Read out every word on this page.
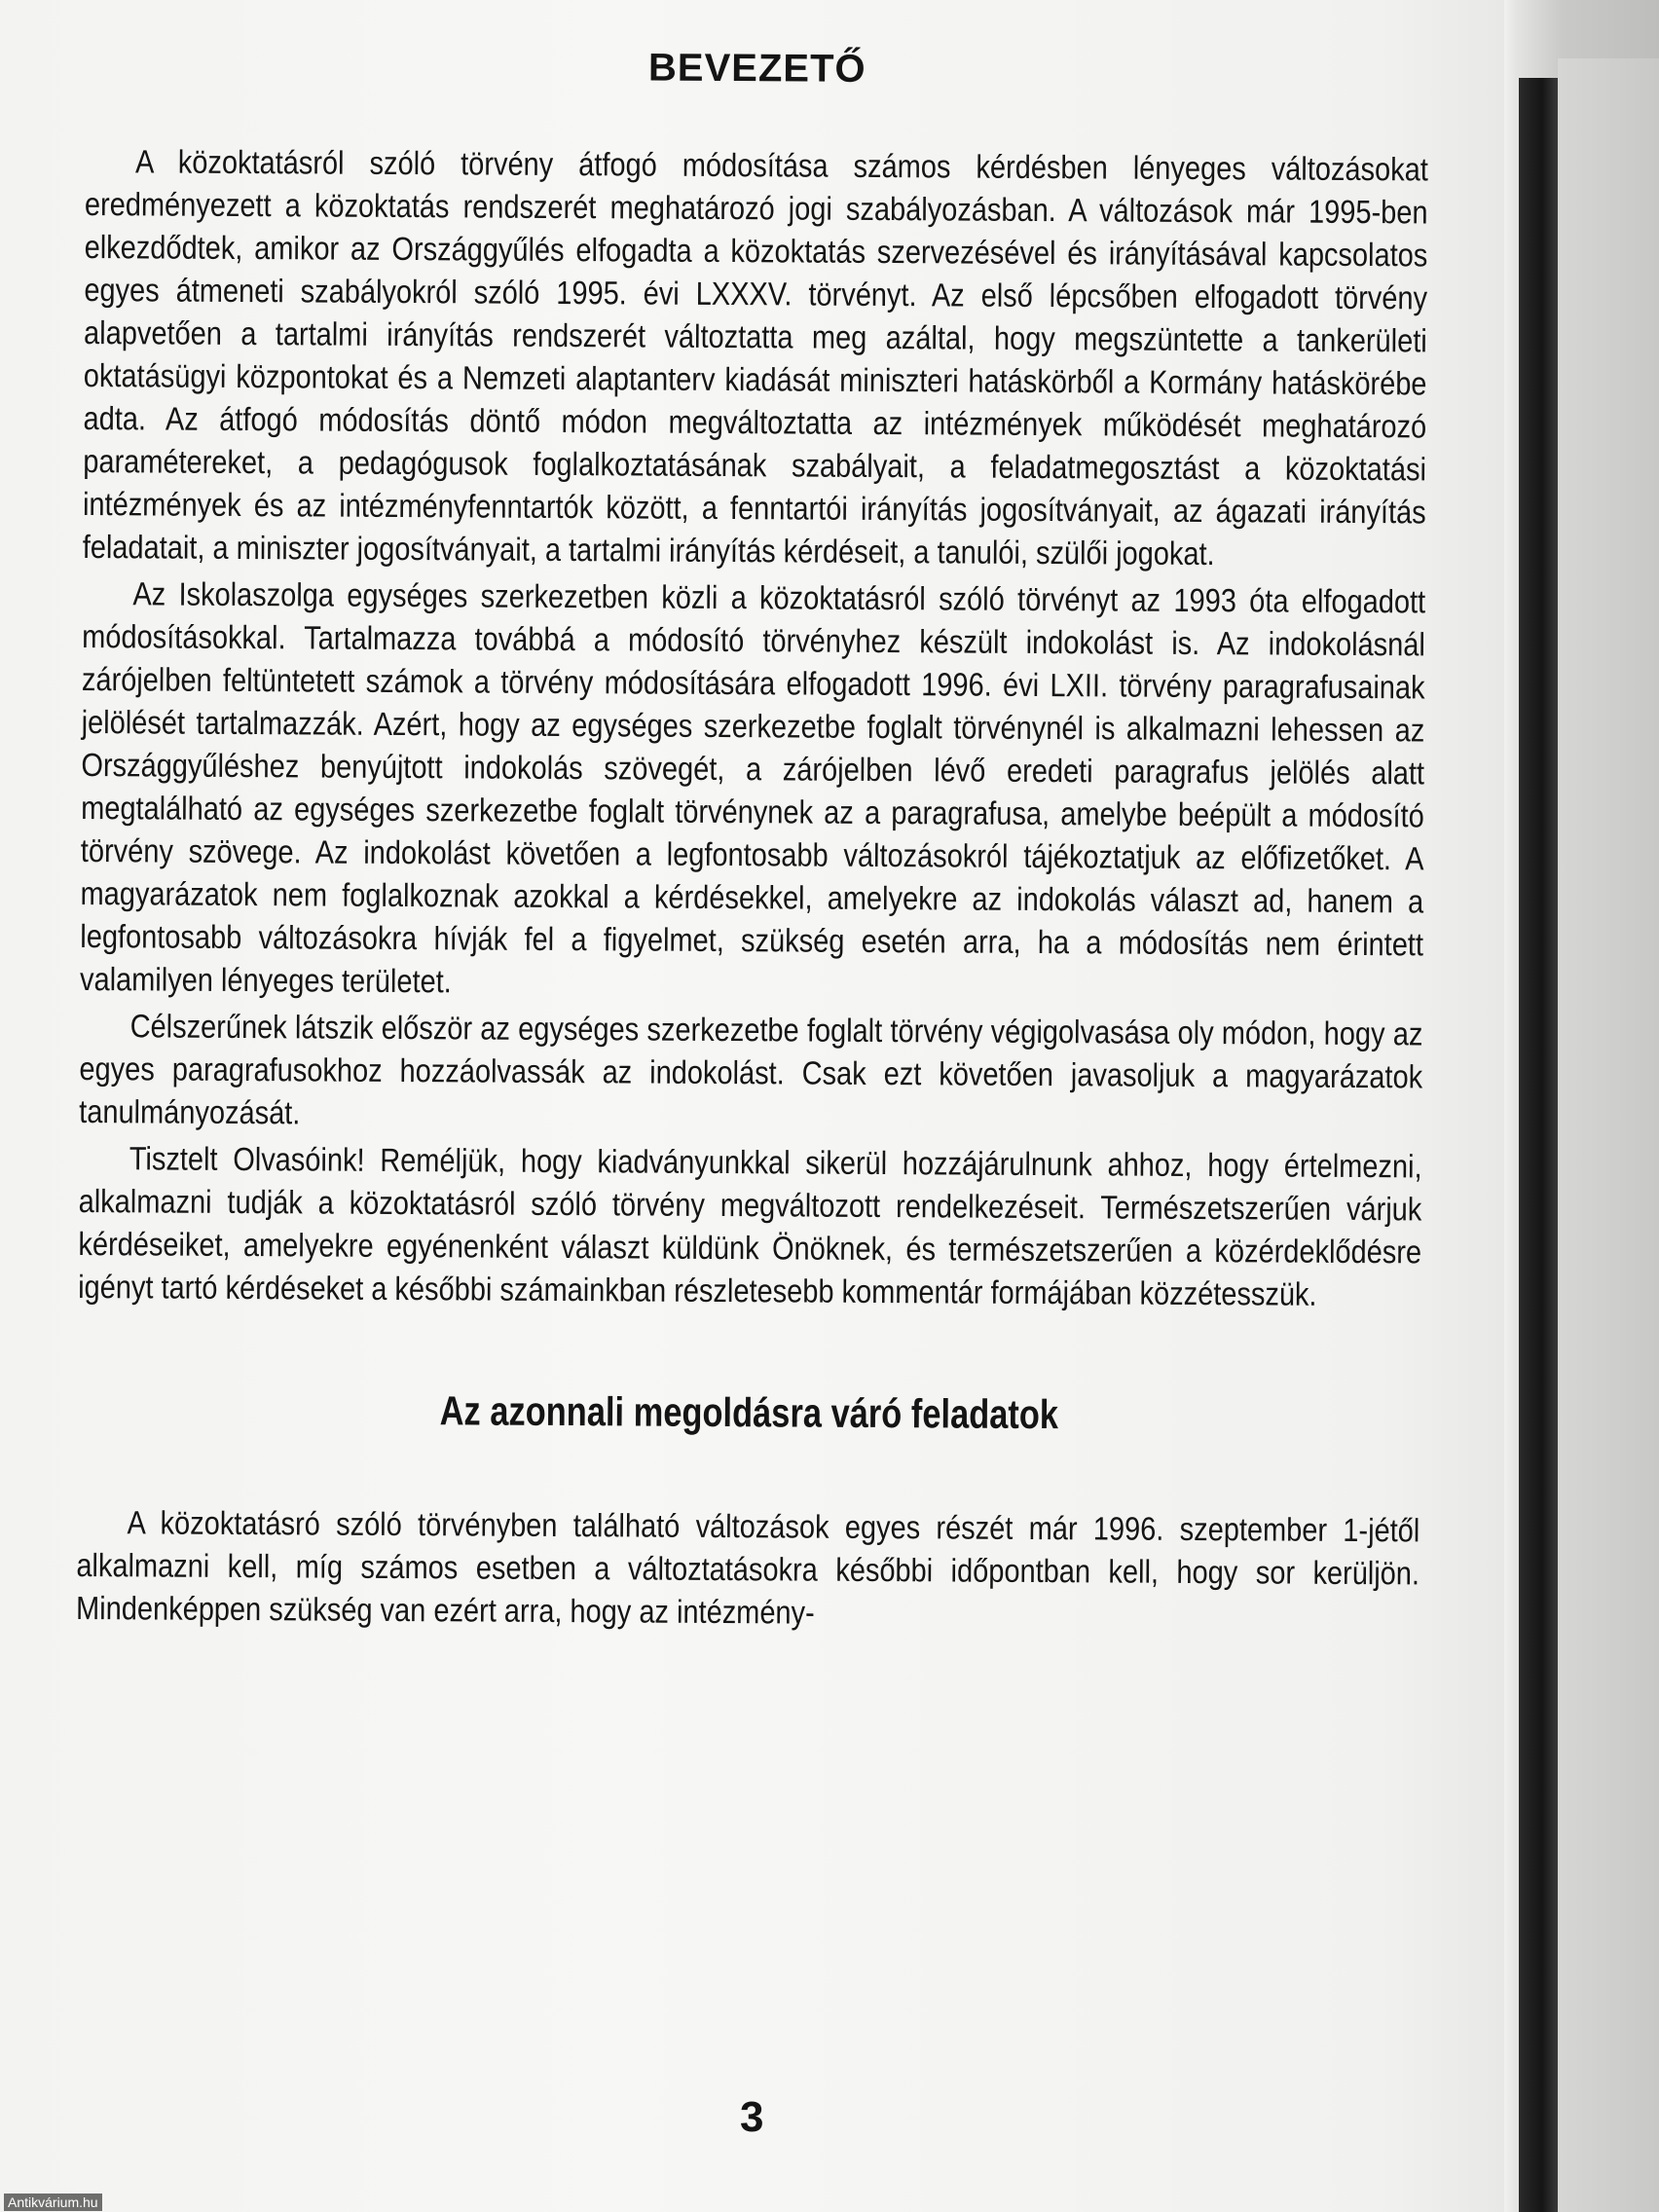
BEVEZETŐ

A közoktatásról szóló törvény átfogó módosítása számos kérdésben lényeges változásokat eredményezett a közoktatás rendszerét meghatározó jogi szabályozásban. A változások már 1995-ben elkezdődtek, amikor az Országgyűlés elfogadta a közoktatás szervezésével és irányításával kapcsolatos egyes átmeneti szabályokról szóló 1995. évi LXXXV. törvényt. Az első lépcsőben elfogadott törvény alapvetően a tartalmi irányítás rendszerét változtatta meg azáltal, hogy megszüntette a tankerületi oktatásügyi központokat és a Nemzeti alaptanterv kiadását miniszteri hatáskörből a Kormány hatáskörébe adta. Az átfogó módosítás döntő módon megváltoztatta az intézmények működését meghatározó paramétereket, a pedagógusok foglalkoztatásának szabályait, a feladatmegosztást a közoktatási intézmények és az intézményfenntartók között, a fenntartói irányítás jogosítványait, az ágazati irányítás feladatait, a miniszter jogosítványait, a tartalmi irányítás kérdéseit, a tanulói, szülői jogokat.

Az Iskolaszolga egységes szerkezetben közli a közoktatásról szóló törvényt az 1993 óta elfogadott módosításokkal. Tartalmazza továbbá a módosító törvényhez készült indokolást is. Az indokolásnál zárójelben feltüntetett számok a törvény módosítására elfogadott 1996. évi LXII. törvény paragrafusainak jelölését tartalmazzák. Azért, hogy az egységes szerkezetbe foglalt törvénynél is alkalmazni lehessen az Országgyűléshez benyújtott indokolás szövegét, a zárójelben lévő eredeti paragrafus jelölés alatt megtalálható az egységes szerkezetbe foglalt törvénynek az a paragrafusa, amelybe beépült a módosító törvény szövege. Az indokolást követően a legfontosabb változásokról tájékoztatjuk az előfizetőket. A magyarázatok nem foglalkoznak azokkal a kérdésekkel, amelyekre az indokolás választ ad, hanem a legfontosabb változásokra hívják fel a figyelmet, szükség esetén arra, ha a módosítás nem érintett valamilyen lényeges területet.

Célszerűnek látszik először az egységes szerkezetbe foglalt törvény végigolvasása oly módon, hogy az egyes paragrafusokhoz hozzáolvassák az indokolást. Csak ezt követően javasoljuk a magyarázatok tanulmányozását.

Tisztelt Olvasóink! Reméljük, hogy kiadványunkkal sikerül hozzájárulnunk ahhoz, hogy értelmezni, alkalmazni tudják a közoktatásról szóló törvény megváltozott rendelkezéseit. Természetszerűen várjuk kérdéseiket, amelyekre egyénenként választ küldünk Önöknek, és természetszerűen a közérdeklődésre igényt tartó kérdéseket a későbbi számainkban részletesebb kommentár formájában közzétesszük.

Az azonnali megoldásra váró feladatok

A közoktatásró szóló törvényben található változások egyes részét már 1996. szeptember 1-jétől alkalmazni kell, míg számos esetben a változtatásokra későbbi időpontban kell, hogy sor kerüljön. Mindenképpen szükség van ezért arra, hogy az intézmény-

3
Antikvárium.hu
